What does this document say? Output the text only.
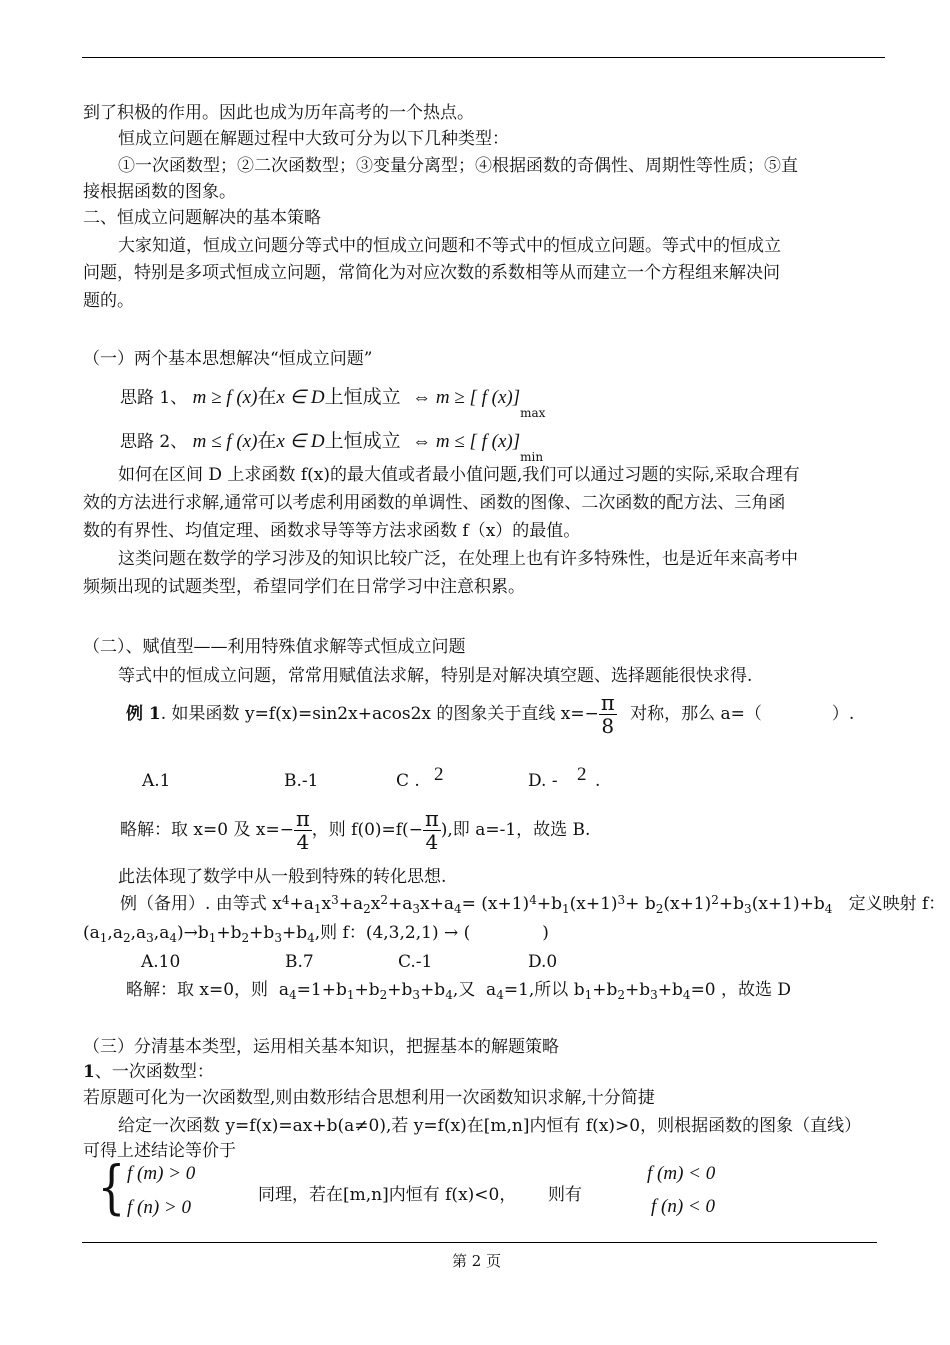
到了积极的作用。因此也成为历年高考的一个热点。
恒成立问题在解题过程中大致可分为以下几种类型：
①一次函数型；②二次函数型；③变量分离型；④根据函数的奇偶性、周期性等性质；⑤直
接根据函数的图象。
二、恒成立问题解决的基本策略
大家知道，恒成立问题分等式中的恒成立问题和不等式中的恒成立问题。等式中的恒成立
问题，特别是多项式恒成立问题，常简化为对应次数的系数相等从而建立一个方程组来解决问
题的。
（一）两个基本思想解决“恒成立问题”
思路 1、 m ≥ f (x)在x ∈ D上恒成立 ⇔ m ≥ [ f $(x)]_{max}$
思路 2、 m ≤ f (x)在x ∈ D上恒成立 ⇔ m ≤ [ f $(x)]_{min}$
如何在区间 D 上求函数 f(x)的最大值或者最小值问题,我们可以通过习题的实际,采取合理有
效的方法进行求解,通常可以考虑利用函数的单调性、函数的图像、二次函数的配方法、三角函
数的有界性、均值定理、函数求导等等方法求函数 f（x）的最值。
这类问题在数学的学习涉及的知识比较广泛，在处理上也有许多特殊性，也是近年来高考中
频频出现的试题类型，希望同学们在日常学习中注意积累。
（二）、赋值型——利用特殊值求解等式恒成立问题
等式中的恒成立问题，常常用赋值法求解，特别是对解决填空题、选择题能很快求得.
例 1. 如果函数 y=f(x)=sin2x+acos2x 的图象关于直线 $x=- \frac{\pi}{8}$ 对称，那么 a=（	）.
A.1	B.-1	C . 2	D. - 2 .
略解：取 x=0 及 $x=- \frac{\pi}{4}$ ，则 $f(0)=f(- \frac{\pi}{4}$ ),即 a=-1，故选 B.
此法体现了数学中从一般到特殊的转化思想.
例（备用）. 由等式 $x^4+a_1x^3+a_2x^2+a_3x+a_4= (x+1)^4+b_1(x+1)^3+ b_2(x+1)^2+b_3(x+1)+b_4$   定义映射 f：
$(a_1,a_2,a_3,a_4)\to b_1+b_2+b_3+b_4$,则 f：(4,3,2,1) → (	)
A.10	B.7	C.-1	D.0
略解：取 x=0，则  $a_4=1+b_1+b_2+b_3+b_4$,又  $a_4=1$,所以 $b_1+b_2+b_3+b_4=0$ ，故选 D
（三）分清基本类型，运用相关基本知识，把握基本的解题策略
1、一次函数型：
若原题可化为一次函数型,则由数形结合思想利用一次函数知识求解,十分简捷
给定一次函数 y=f(x)=ax+b(a≠0),若 y=f(x)在[m,n]内恒有 f(x)>0，则根据函数的图象（直线）
可得上述结论等价于
{ f (m) > 0
f (n) > 0
同理，若在[m,n]内恒有 f(x)<0， 则有
f (m) < 0
f (n) < 0
第 2 页
